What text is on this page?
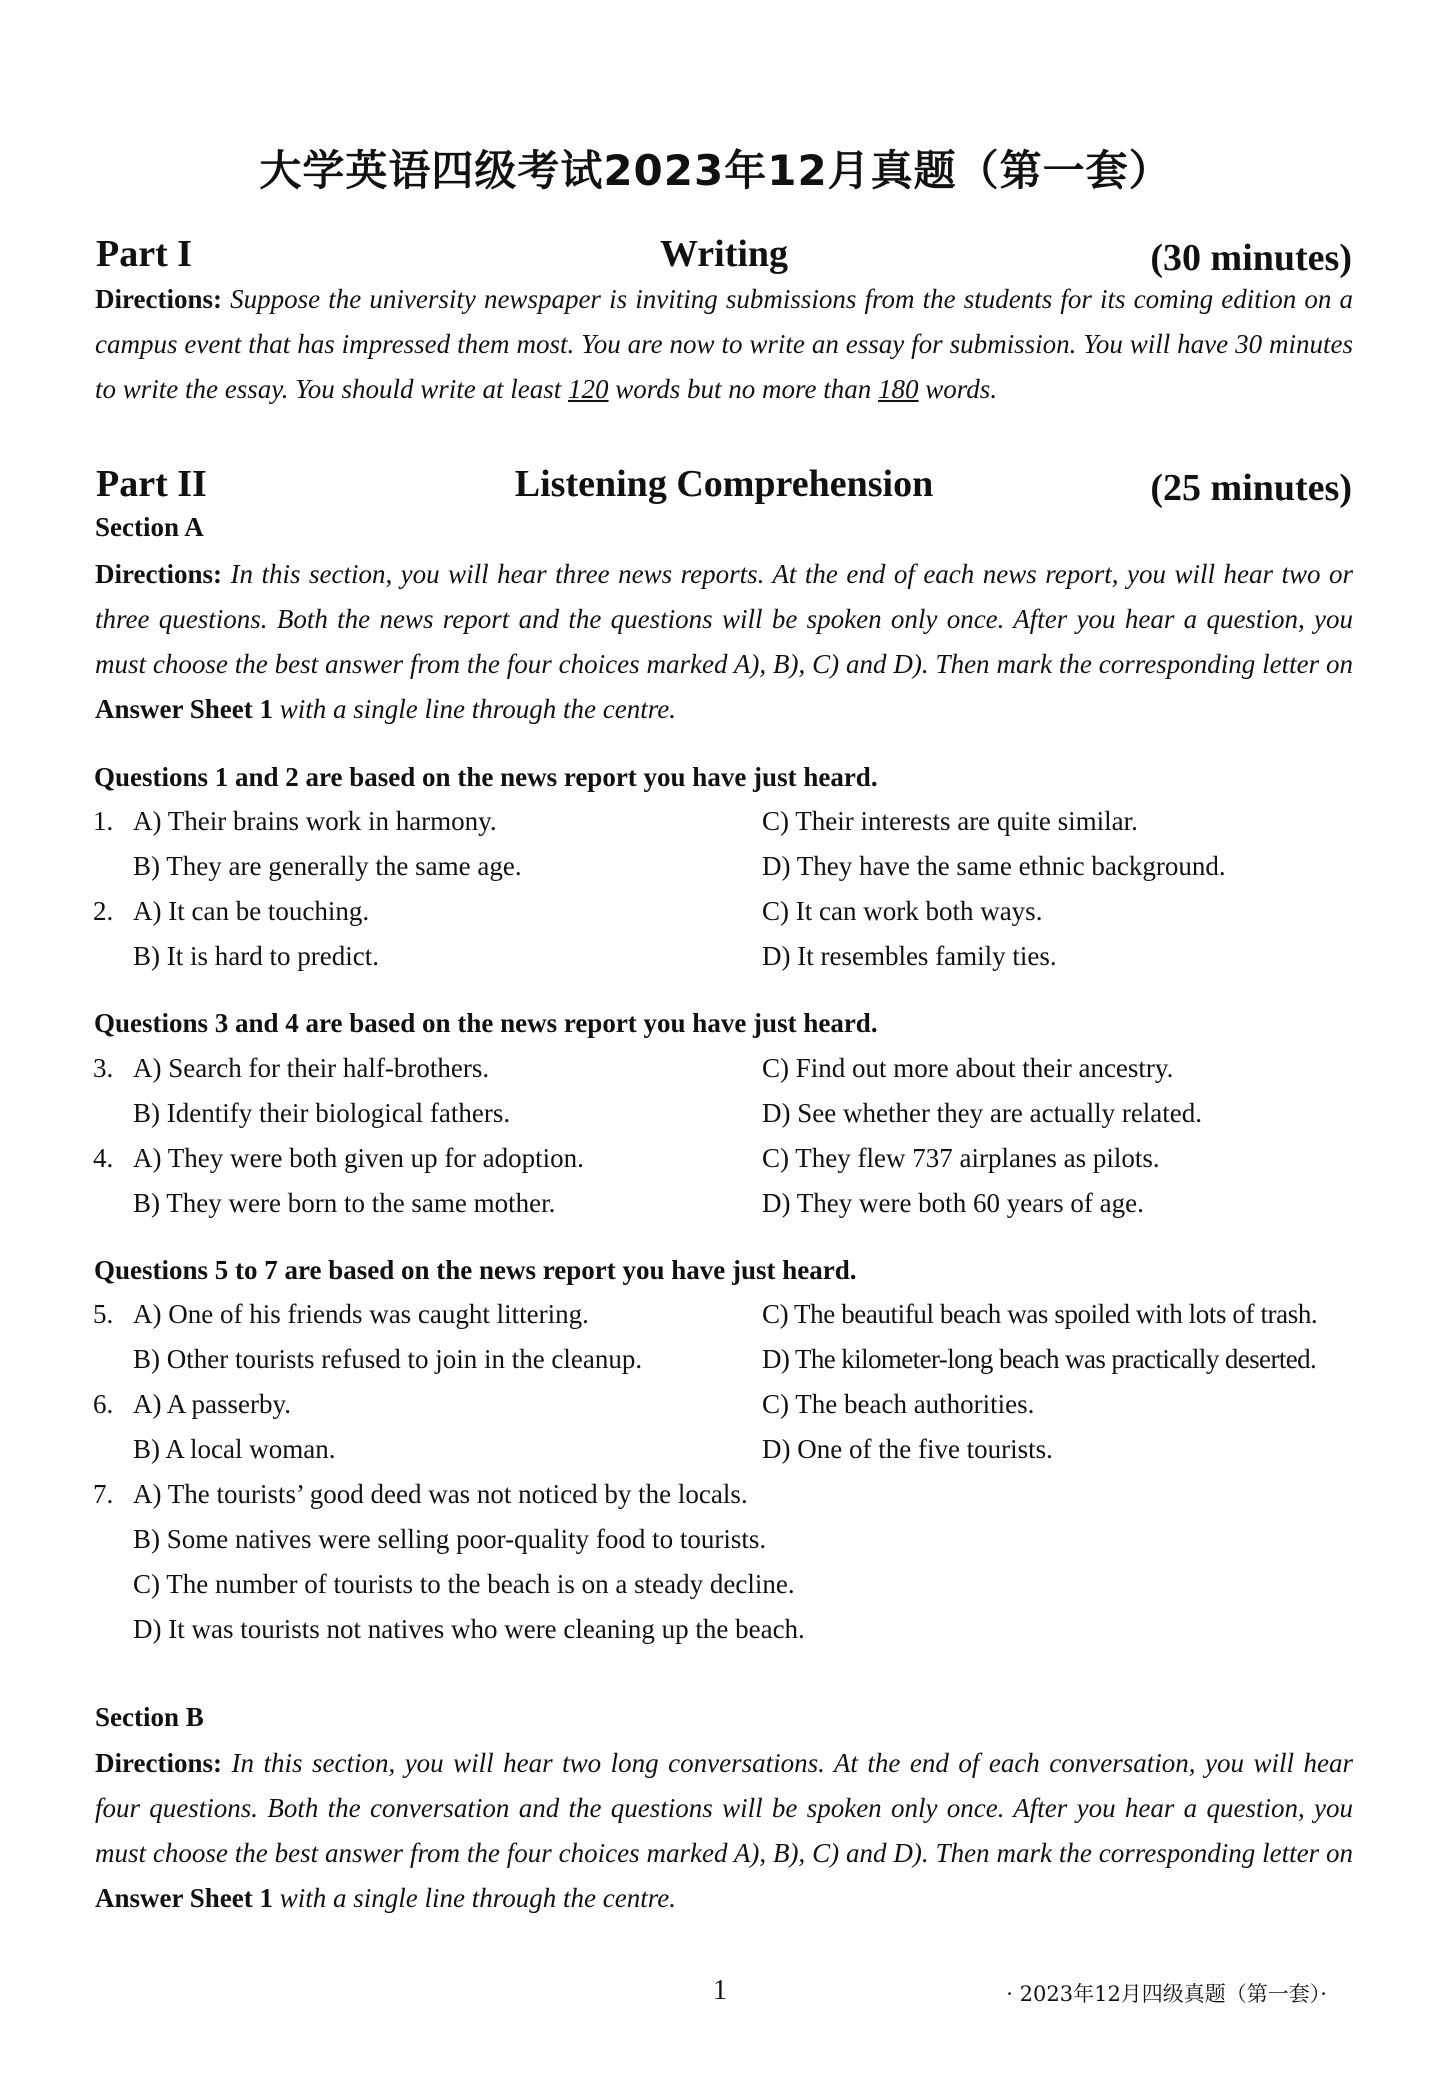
大学英语四级考试2023年12月真题（第一套）
Part I	Writing	(30 minutes)
Directions: Suppose the university newspaper is inviting submissions from the students for its coming edition on a campus event that has impressed them most. You are now to write an essay for submission. You will have 30 minutes to write the essay. You should write at least 120 words but no more than 180 words.
Part II	Listening Comprehension	(25 minutes)
Section A
Directions: In this section, you will hear three news reports. At the end of each news report, you will hear two or three questions. Both the news report and the questions will be spoken only once. After you hear a question, you must choose the best answer from the four choices marked A), B), C) and D). Then mark the corresponding letter on Answer Sheet 1 with a single line through the centre.
Questions 1 and 2 are based on the news report you have just heard.
1. A) Their brains work in harmony.	C) Their interests are quite similar.
B) They are generally the same age.	D) They have the same ethnic background.
2. A) It can be touching.	C) It can work both ways.
B) It is hard to predict.	D) It resembles family ties.
Questions 3 and 4 are based on the news report you have just heard.
3. A) Search for their half-brothers.	C) Find out more about their ancestry.
B) Identify their biological fathers.	D) See whether they are actually related.
4. A) They were both given up for adoption.	C) They flew 737 airplanes as pilots.
B) They were born to the same mother.	D) They were both 60 years of age.
Questions 5 to 7 are based on the news report you have just heard.
5. A) One of his friends was caught littering.	C) The beautiful beach was spoiled with lots of trash.
B) Other tourists refused to join in the cleanup.	D) The kilometer-long beach was practically deserted.
6. A) A passerby.	C) The beach authorities.
B) A local woman.	D) One of the five tourists.
7. A) The tourists’ good deed was not noticed by the locals.
B) Some natives were selling poor-quality food to tourists.
C) The number of tourists to the beach is on a steady decline.
D) It was tourists not natives who were cleaning up the beach.
Section B
Directions: In this section, you will hear two long conversations. At the end of each conversation, you will hear four questions. Both the conversation and the questions will be spoken only once. After you hear a question, you must choose the best answer from the four choices marked A), B), C) and D). Then mark the corresponding letter on Answer Sheet 1 with a single line through the centre.
1	· 2023年12月四级真题（第一套）·
